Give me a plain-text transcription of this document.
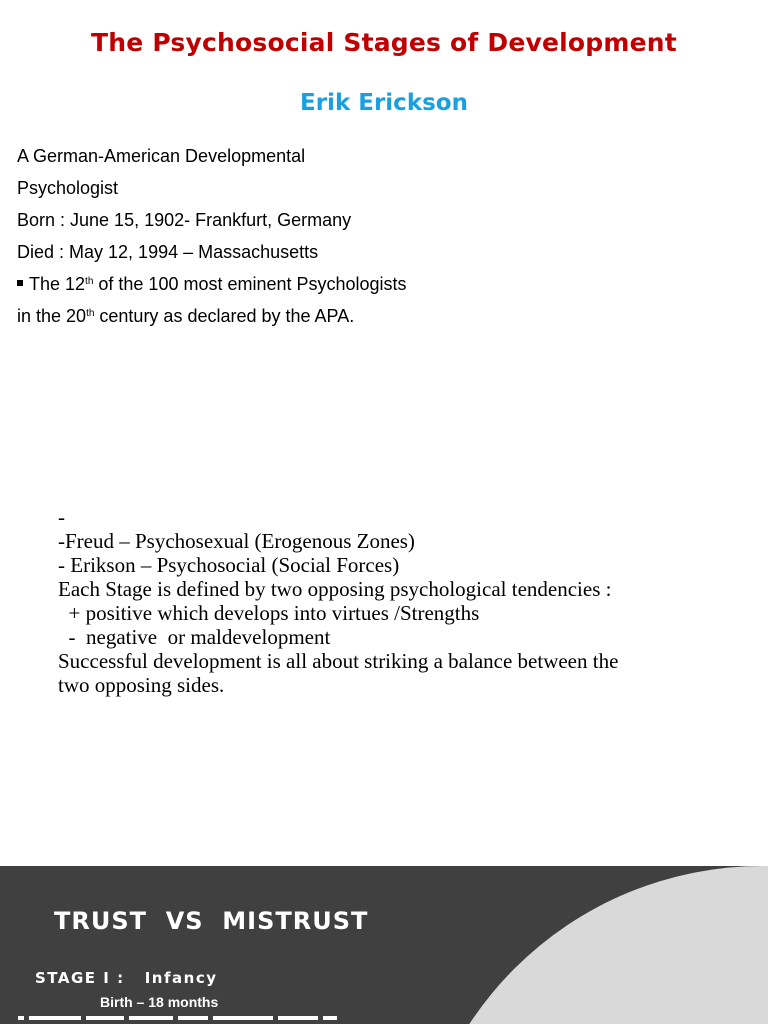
The Psychosocial Stages of Development
Erik Erickson
A German-American Developmental
Psychologist
Born : June 15, 1902- Frankfurt, Germany
Died : May 12, 1994 – Massachusetts
The 12th of the 100 most eminent Psychologists
in the 20th century as declared by the APA.
-
-Freud – Psychosexual (Erogenous Zones)
- Erikson – Psychosocial (Social Forces)
Each Stage is defined by two opposing psychological tendencies :
+ positive which develops into virtues /Strengths
-  negative  or maldevelopment
Successful development is all about striking a balance between the
two opposing sides.
TRUST  VS  MISTRUST
STAGE I :   Infancy
Birth – 18 months
